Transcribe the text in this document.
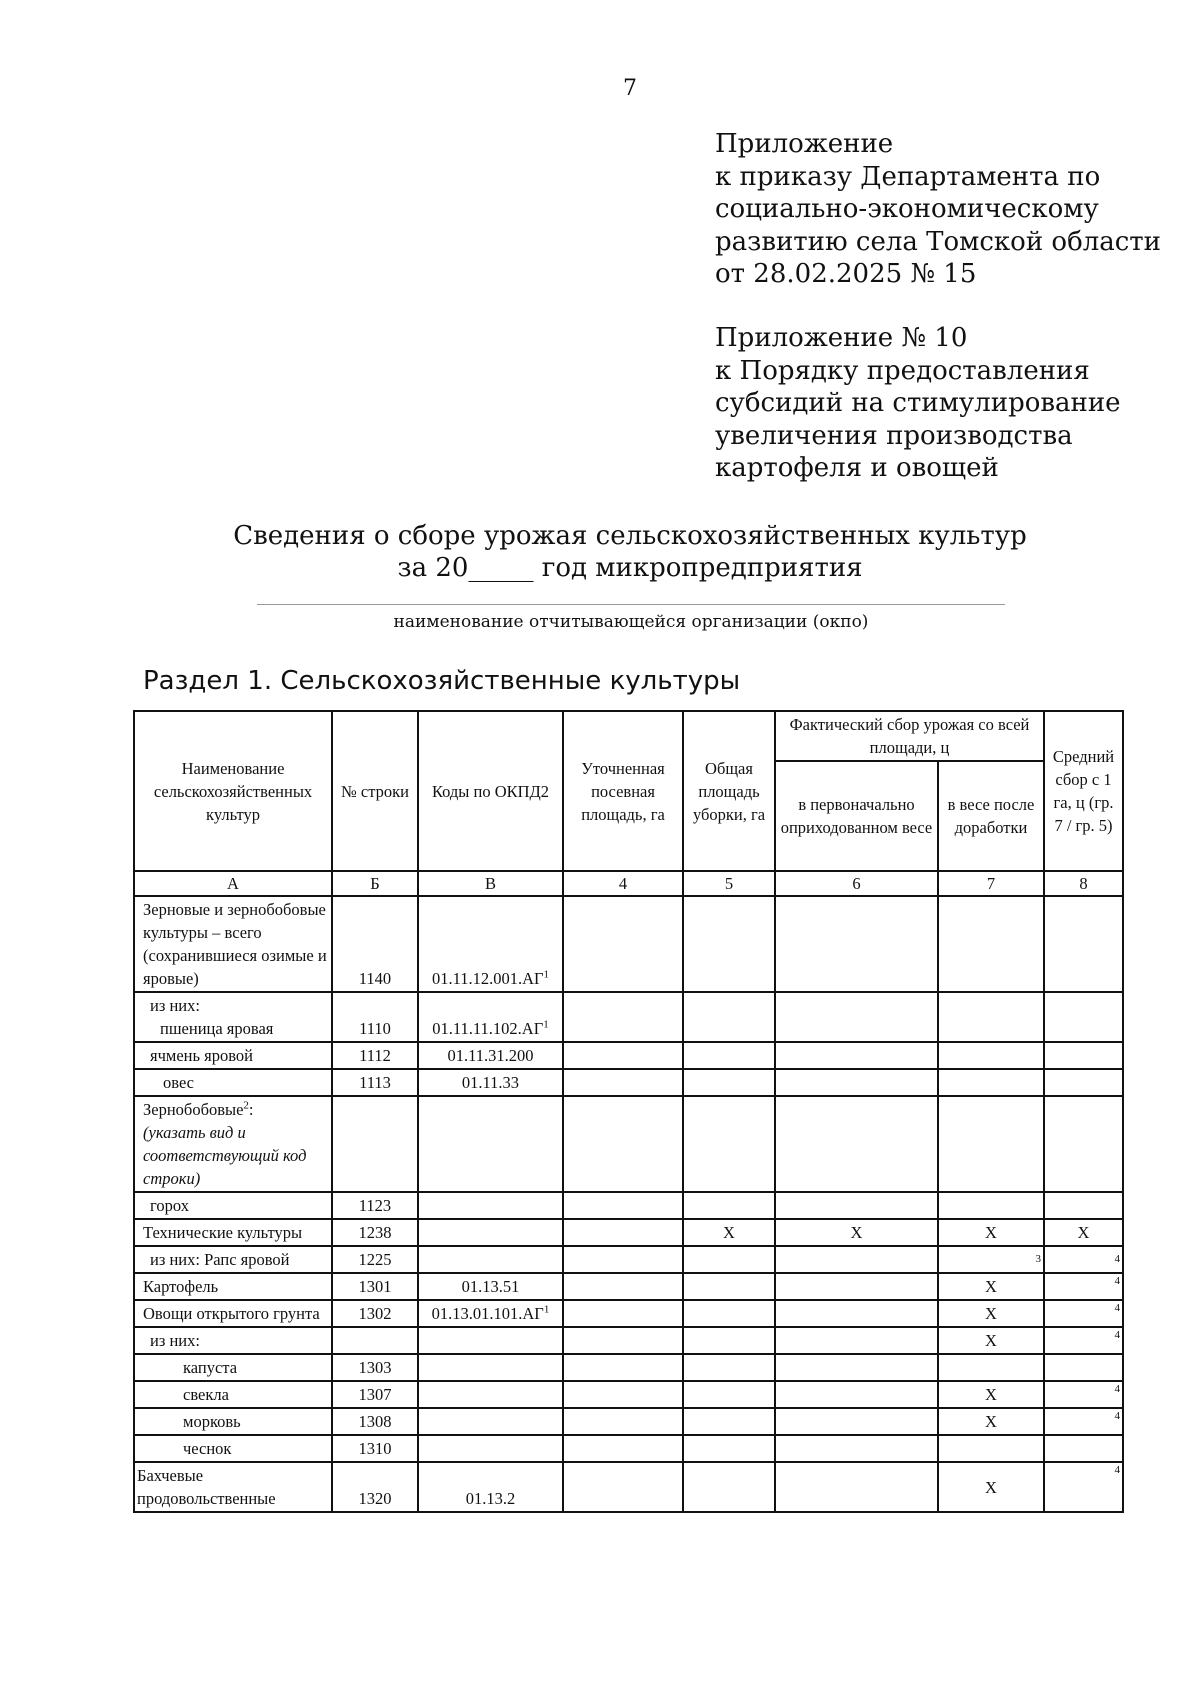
7
Приложение
к приказу Департамента по
социально-экономическому
развитию села Томской области
от 28.02.2025 № 15
Приложение № 10
к Порядку предоставления
субсидий на стимулирование
увеличения производства
картофеля и овощей
Сведения о сборе урожая сельскохозяйственных культур
за 20_____ год микропредприятия
наименование отчитывающейся организации (окпо)
Раздел 1. Сельскохозяйственные культуры
Наименование сельскохозяйственных культур	№ строки	Коды по ОКПД2	Уточненная посевная площадь, га	Общая площадь уборки, га	Фактический сбор урожая со всей площади, ц		Средний сбор с 1 га, ц (гр. 7 / гр. 5)
					в первоначально оприходованном весе	в весе после доработки	
А	Б	В	4	5	6	7	8
Зерновые и зернобобовые культуры – всего (сохранившиеся озимые и яровые)	1140	$01.11.12.001.АГ^1$					
из них:
пшеница яровая	1110	$01.11.11.102.АГ^1$					
ячмень яровой	1112	01.11.31.200					
овес	1113	01.11.33					
Зернобобовые$^2$:
(указать вид и соответствующий код строки)							
горох	1123						
Технические культуры	1238			X	X	X	X
из них: Рапс яровой	1225					3	4
Картофель	1301	01.13.51				X	4
Овощи открытого грунта	1302	$01.13.01.101.АГ^1$				X	4
из них:						X	4
капуста	1303						
свекла	1307					X	4
морковь	1308					X	4
чеснок	1310						
Бахчевые продовольственные	1320	01.13.2				X	4
